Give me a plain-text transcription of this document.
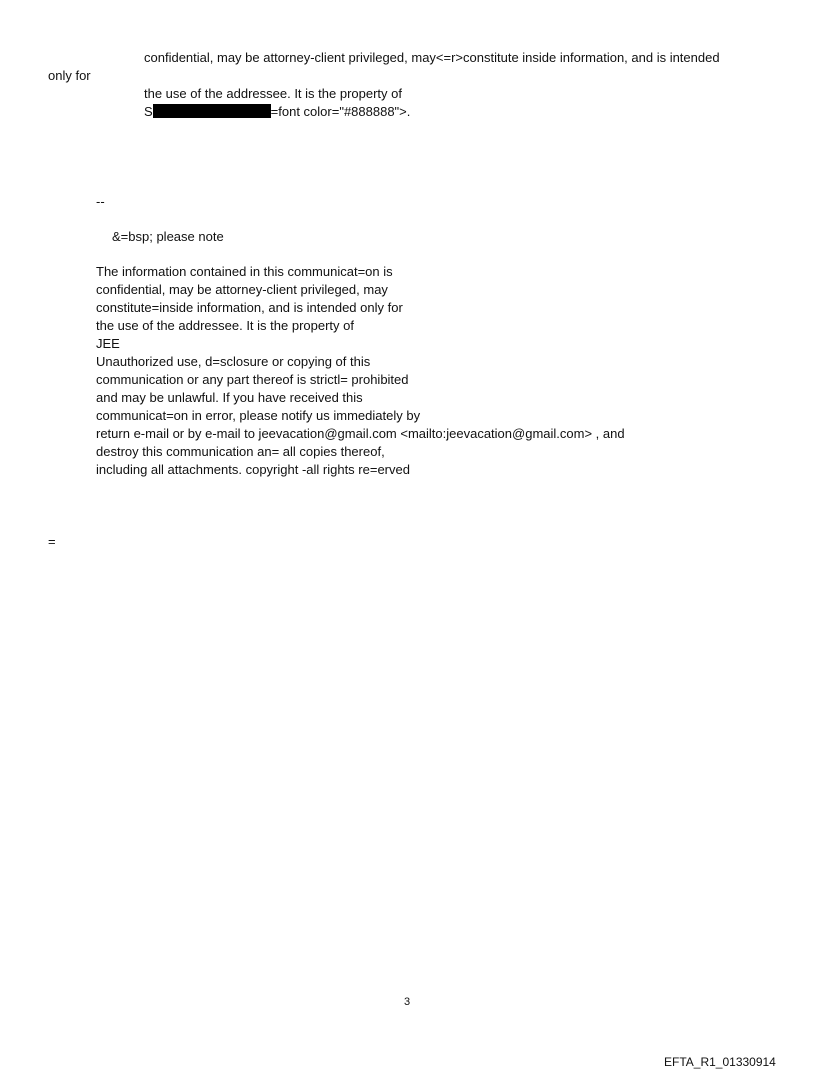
confidential, may be attorney-client privileged, may<=r>constitute inside information, and is intended
only for
the use of the addressee. It is the property of
S	=font color="#888888">.
--
&=bsp; please note
The information contained in this communicat=on is
confidential, may be attorney-client privileged, may
constitute=inside information, and is intended only for
the use of the addressee. It is the property of
JEE
Unauthorized use, d=sclosure or copying of this
communication or any part thereof is strictl= prohibited
and may be unlawful. If you have received this
communicat=on in error, please notify us immediately by
return e-mail or by e-mail to jeevacation@gmail.com <mailto:jeevacation@gmail.com> , and
destroy this communication an= all copies thereof,
including all attachments. copyright -all rights re=erved
=
3
EFTA_R1_01330914
